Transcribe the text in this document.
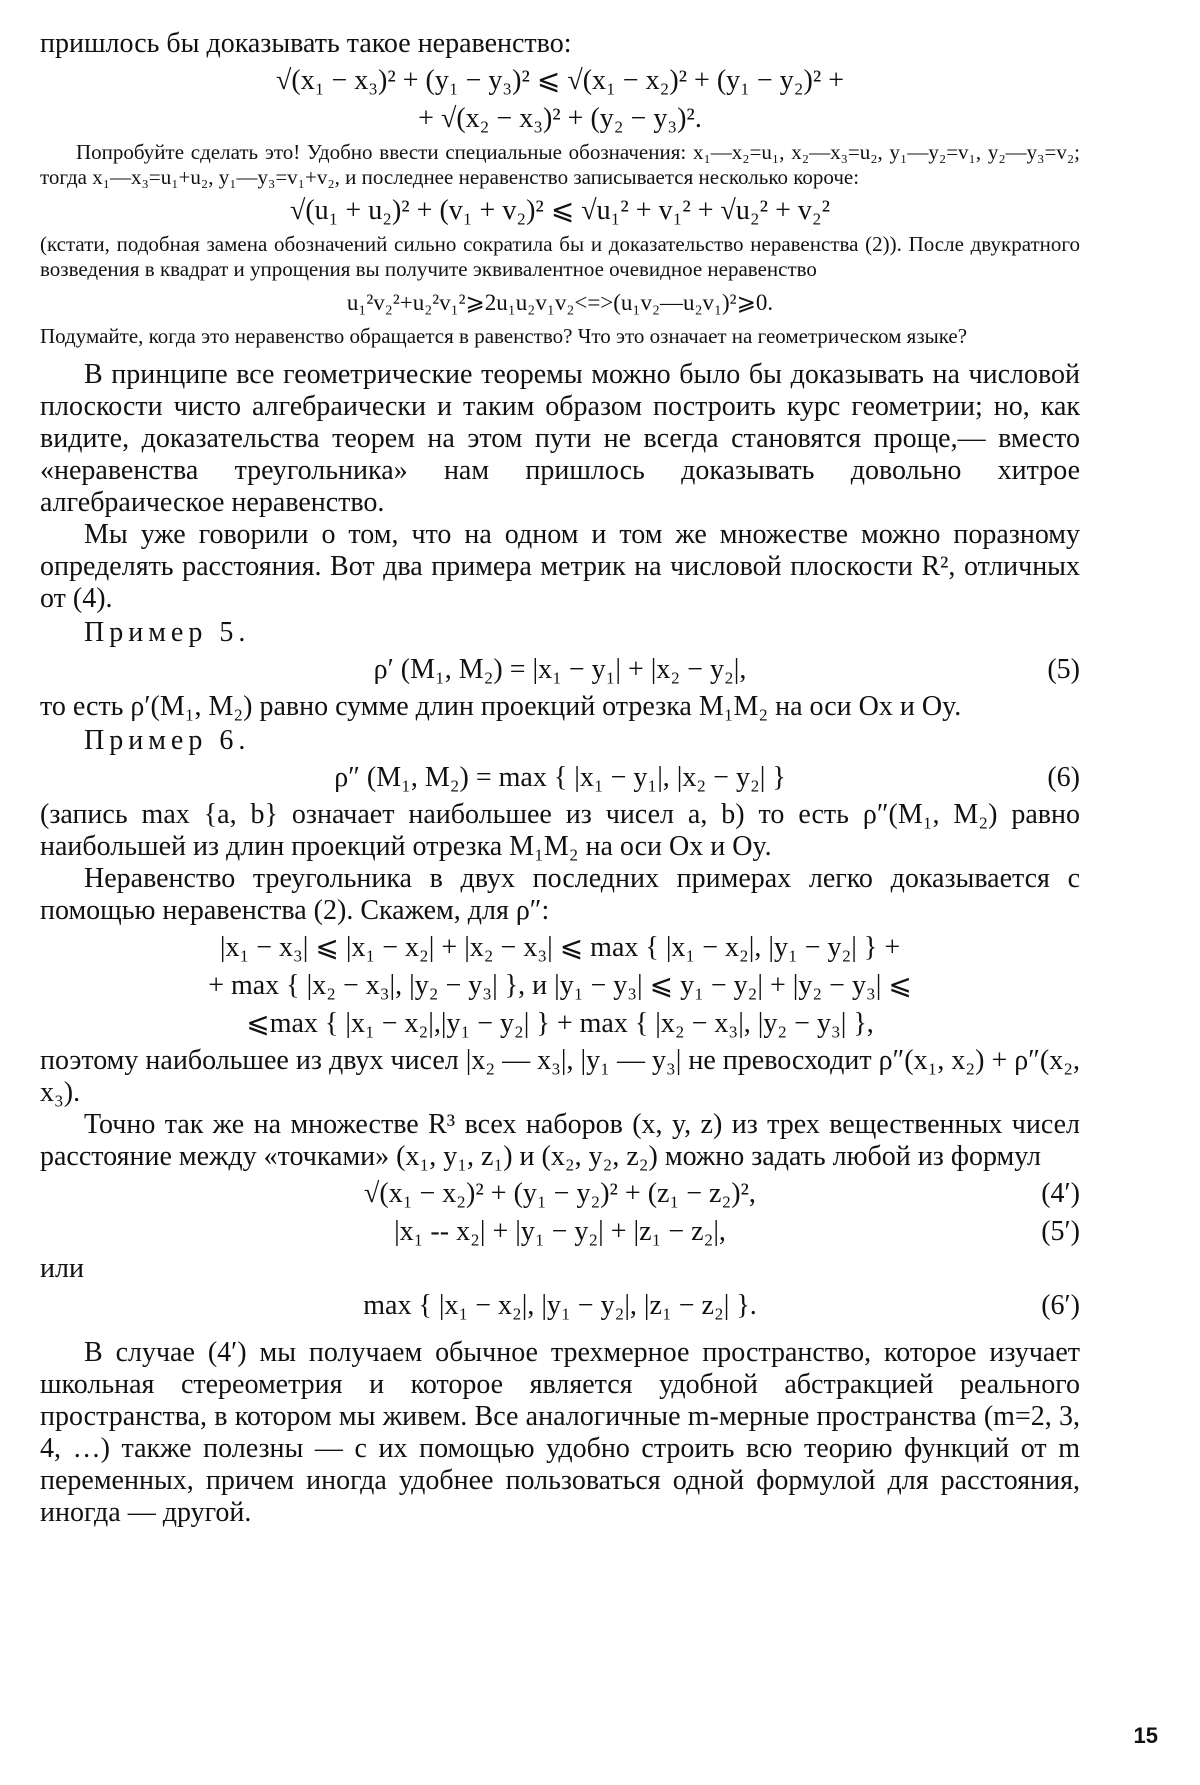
пришлось бы доказывать такое неравенство:

√(x₁ − x₃)² + (y₁ − y₃)² ⩽ √(x₁ − x₂)² + (y₁ − y₂)² +
+ √(x₂ − x₃)² + (y₂ − y₃)².

Попробуйте сделать это! Удобно ввести специальные обозначения: x₁—x₂=u₁, x₂—x₃=u₂, y₁—y₂=v₁, y₂—y₃=v₂; тогда x₁—x₃=u₁+u₂, y₁—y₃=v₁+v₂, и последнее неравенство записывается несколько короче:

√(u₁ + u₂)² + (v₁ + v₂)² ⩽ √u₁² + v₁² + √u₂² + v₂²

(кстати, подобная замена обозначений сильно сократила бы и доказательство неравенства (2)). После двукратного возведения в квадрат и упрощения вы получите эквивалентное очевидное неравенство

u₁²v₂²+u₂²v₁²⩾2u₁u₂v₁v₂<=>(u₁v₂—u₂v₁)²⩾0.

Подумайте, когда это неравенство обращается в равенство? Что это означает на геометрическом языке?

В принципе все геометрические теоремы можно было бы доказывать на числовой плоскости чисто алгебраически и таким образом построить курс геометрии; но, как видите, доказательства теорем на этом пути не всегда становятся проще,— вместо «неравенства треугольника» нам пришлось доказывать довольно хитрое алгебраическое неравенство.

Мы уже говорили о том, что на одном и том же множестве можно поразному определять расстояния. Вот два примера метрик на числовой плоскости R², отличных от (4).

Пример 5.
ρ′ (M₁, M₂) = |x₁ − y₁| + |x₂ − y₂|,	(5)

то есть ρ′(M₁, M₂) равно сумме длин проекций отрезка M₁M₂ на оси Ox и Oy.

Пример 6.
ρ″ (M₁, M₂) = max { |x₁ − y₁|, |x₂ − y₂| }	(6)

(запись max {a, b} означает наибольшее из чисел a, b) то есть ρ″(M₁, M₂) равно наибольшей из длин проекций отрезка M₁M₂ на оси Ox и Oy.

Неравенство треугольника в двух последних примерах легко доказывается с помощью неравенства (2). Скажем, для ρ″:

|x₁ − x₃| ⩽ |x₁ − x₂| + |x₂ − x₃| ⩽ max { |x₁ − x₂|, |y₁ − y₂| } +
+ max { |x₂ − x₃|, |y₂ − y₃| }, и |y₁ − y₃| ⩽ y₁ − y₂| + |y₂ − y₃| ⩽
⩽max { |x₁ − x₂|,|y₁ − y₂| } + max { |x₂ − x₃|, |y₂ − y₃| },

поэтому наибольшее из двух чисел |x₂ — x₃|, |y₁ — y₃| не превосходит ρ″(x₁, x₂) + ρ″(x₂, x₃).

Точно так же на множестве R³ всех наборов (x, y, z) из трех вещественных чисел расстояние между «точками» (x₁, y₁, z₁) и (x₂, y₂, z₂) можно задать любой из формул

√(x₁ − x₂)² + (y₁ − y₂)² + (z₁ − z₂)²,	(4′)
|x₁ -- x₂| + |y₁ − y₂| + |z₁ − z₂|,	(5′)

или

max { |x₁ − x₂|, |y₁ − y₂|, |z₁ − z₂| }.	(6′)

В случае (4′) мы получаем обычное трехмерное пространство, которое изучает школьная стереометрия и которое является удобной абстракцией реального пространства, в котором мы живем. Все аналогичные m-мерные пространства (m=2, 3, 4, …) также полезны — с их помощью удобно строить всю теорию функций от m переменных, причем иногда удобнее пользоваться одной формулой для расстояния, иногда — другой.

15
